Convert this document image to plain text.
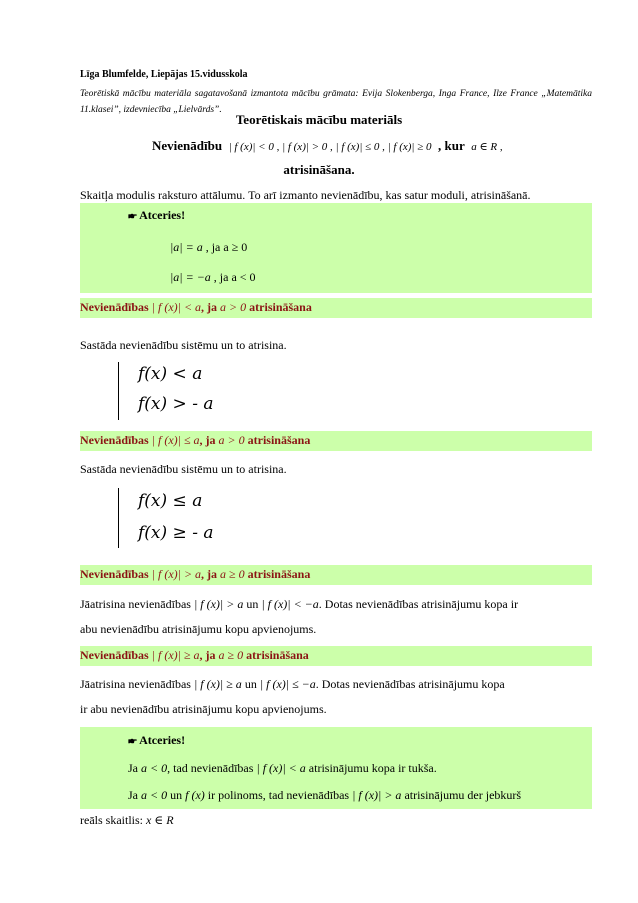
Līga Blumfelde, Liepājas 15.vidusskola
Teorētiskā mācību materiāla sagatavošanā izmantota mācību grāmata: Evija Slokenberga, Inga France, Ilze France „Matemātika 11.klasei”, izdevniecība „Lielvārds”.
Teorētiskais mācību materiāls
Nevienādību | f (x)| < 0 , | f (x)| > 0 , | f (x)| ≤ 0 , | f (x)| ≥ 0 , kur a ∈ R ,
atrisināšana.
Skaitļa modulis raksturo attālumu. To arī izmanto nevienādību, kas satur moduli, atrisināšanā.
🖝 Atceries!
|a| = a , ja a ≥ 0
|a| = −a , ja a < 0
Nevienādības | f (x)| < a, ja a > 0 atrisināšana
Sastāda nevienādību sistēmu un to atrisina.
f(x) < a
f(x) > - a
Nevienādības | f (x)| ≤ a, ja a > 0 atrisināšana
Sastāda nevienādību sistēmu un to atrisina.
f(x) ≤ a
f(x) ≥ - a
Nevienādības | f (x)| > a, ja a ≥ 0 atrisināšana
Jāatrisina nevienādības | f (x)| > a un | f (x)| < −a. Dotas nevienādības atrisinājumu kopa ir
abu nevienādību atrisinājumu kopu apvienojums.
Nevienādības | f (x)| ≥ a, ja a ≥ 0 atrisināšana
Jāatrisina nevienādības | f (x)| ≥ a un | f (x)| ≤ −a. Dotas nevienādības atrisinājumu kopa
ir abu nevienādību atrisinājumu kopu apvienojums.
🖝 Atceries!
Ja a < 0, tad nevienādības | f (x)| < a atrisinājumu kopa ir tukša.
Ja a < 0 un f (x) ir polinoms, tad nevienādības | f (x)| > a atrisinājumu der jebkurš
reāls skaitlis: x ∈ R
